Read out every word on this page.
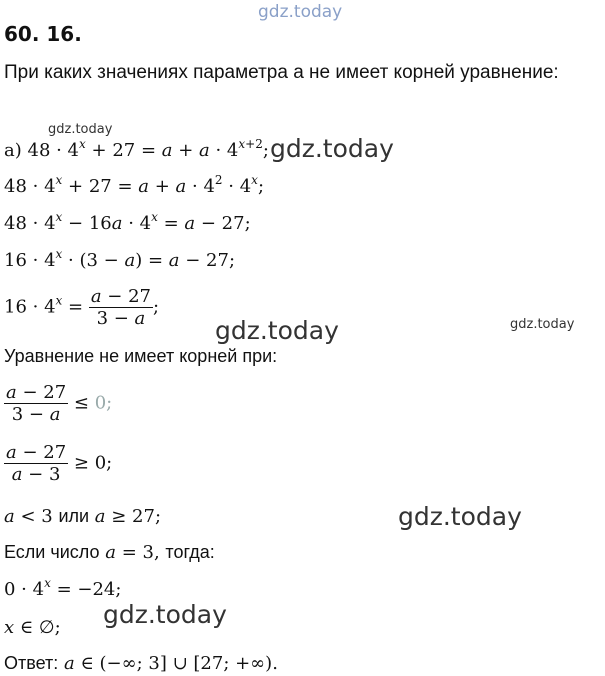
gdz.today
gdz.today
gdz.today
gdz.today	gdz.today
gdz.today
gdz.today
60. 16.
При каких значениях параметра a не имеет корней уравнение:
а) $48 \cdot 4^x + 27 = a + a \cdot 4^{x+2}$;
$48 \cdot 4^x + 27 = a + a \cdot 4^2 \cdot 4^x$;
$48 \cdot 4^x - 16a \cdot 4^x = a - 27$;
$16 \cdot 4^x \cdot (3 - a) = a - 27$;
$16 \cdot 4^x = \frac{a - 27}{3 - a}$ ;
Уравнение не имеет корней при:
$\frac{a - 27}{3 - a} \le 0$;
$\frac{a - 27}{a - 3} \ge 0$;
a < 3 или a ≥ 27;
Если число a = 3, тогда:
$0 \cdot 4^x = -24$;
x ∈ ∅;
Ответ: a ∈ (−∞; 3] ∪ [27; +∞).
